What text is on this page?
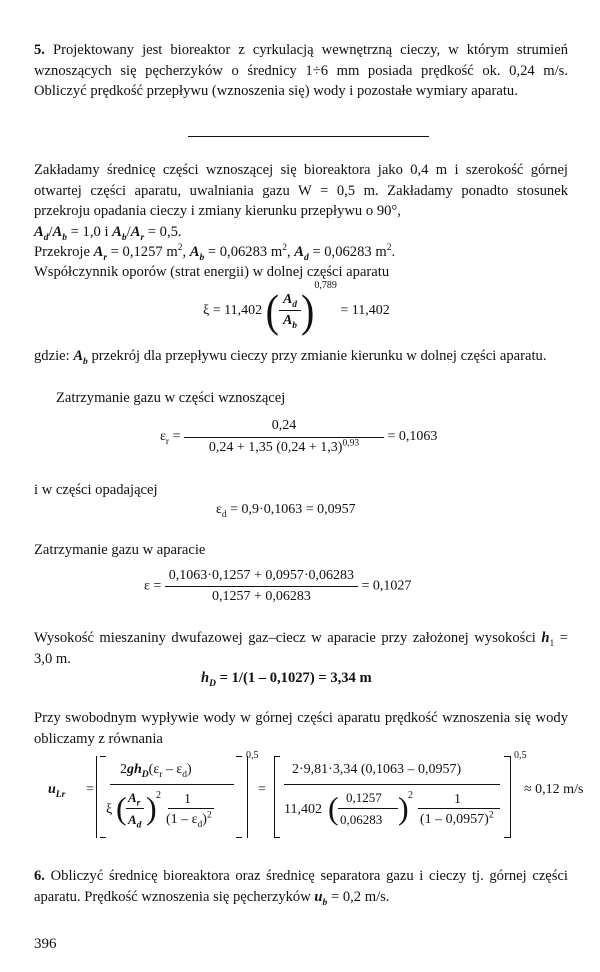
5. Projektowany jest bioreaktor z cyrkulacją wewnętrzną cieczy, w którym strumień wznoszących się pęcherzyków o średnicy 1÷6 mm posiada prędkość ok. 0,24 m/s. Obliczyć prędkość przepływu (wznoszenia się) wody i pozostałe wymiary aparatu.
Zakładamy średnicę części wznoszącej się bioreaktora jako 0,4 m i szerokość górnej otwartej części aparatu, uwalniania gazu W = 0,5 m. Zakładamy ponadto stosunek przekroju opadania cieczy i zmiany kierunku przepływu o 90°,
$A_d/A_b = 1,0$ i $A_b/A_r = 0,5$.
Przekroje $A_r = 0,1257$ $m^2$, $A_b = 0,06283$ $m^2$, $A_d = 0,06283$ $m^2$.
Współczynnik oporów (strat energii) w dolnej części aparatu
ξ = 11,402 ( $\frac{A_d}{A_b} )^{0,789} = 11,402$
gdzie: $A_b$ przekrój dla przepływu cieczy przy zmianie kierunku w dolnej części aparatu.
Zatrzymanie gazu w części wznoszącej
$\varepsilon_r = \frac{0,24}{0,24 + 1,35 (0,24 + 1,3)^{0,93}} = 0,1063$
i w części opadającej
$\varepsilon_d = 0,9\cdot 0,1063 = 0,0957$
Zatrzymanie gazu w aparacie
$\varepsilon = \frac{0,1063\cdot 0,1257 + 0,0957\cdot 0,06283}{0,1257 + 0,06283} = 0,1027$
Wysokość mieszaniny dwufazowej gaz–ciecz w aparacie przy założonej wysokości $h_1 = 3,0$ m.
$h_D = 1/(1 - 0,1027) = 3,34$ m
Przy swobodnym wypływie wody w górnej części aparatu prędkość wznoszenia się wody obliczamy z równania
$u_{Lr}$ =
0,5
$2gh_D(\varepsilon_r - \varepsilon_d)$
ξ ( $A_r$
$A_d$ ) 2 1
$(1 - \varepsilon_d)^2$
=
0,5
2·9,81·3,34 (0,1063 – 0,0957)
11,402 ( 0,1257
0,06283 ) 2	1
(1 – 0,0957)$^2$
≈ 0,12 m/s
6. Obliczyć średnicę bioreaktora oraz średnicę separatora gazu i cieczy tj. górnej części aparatu. Prędkość wznoszenia się pęcherzyków $u_b = 0,2$ m/s.
396
